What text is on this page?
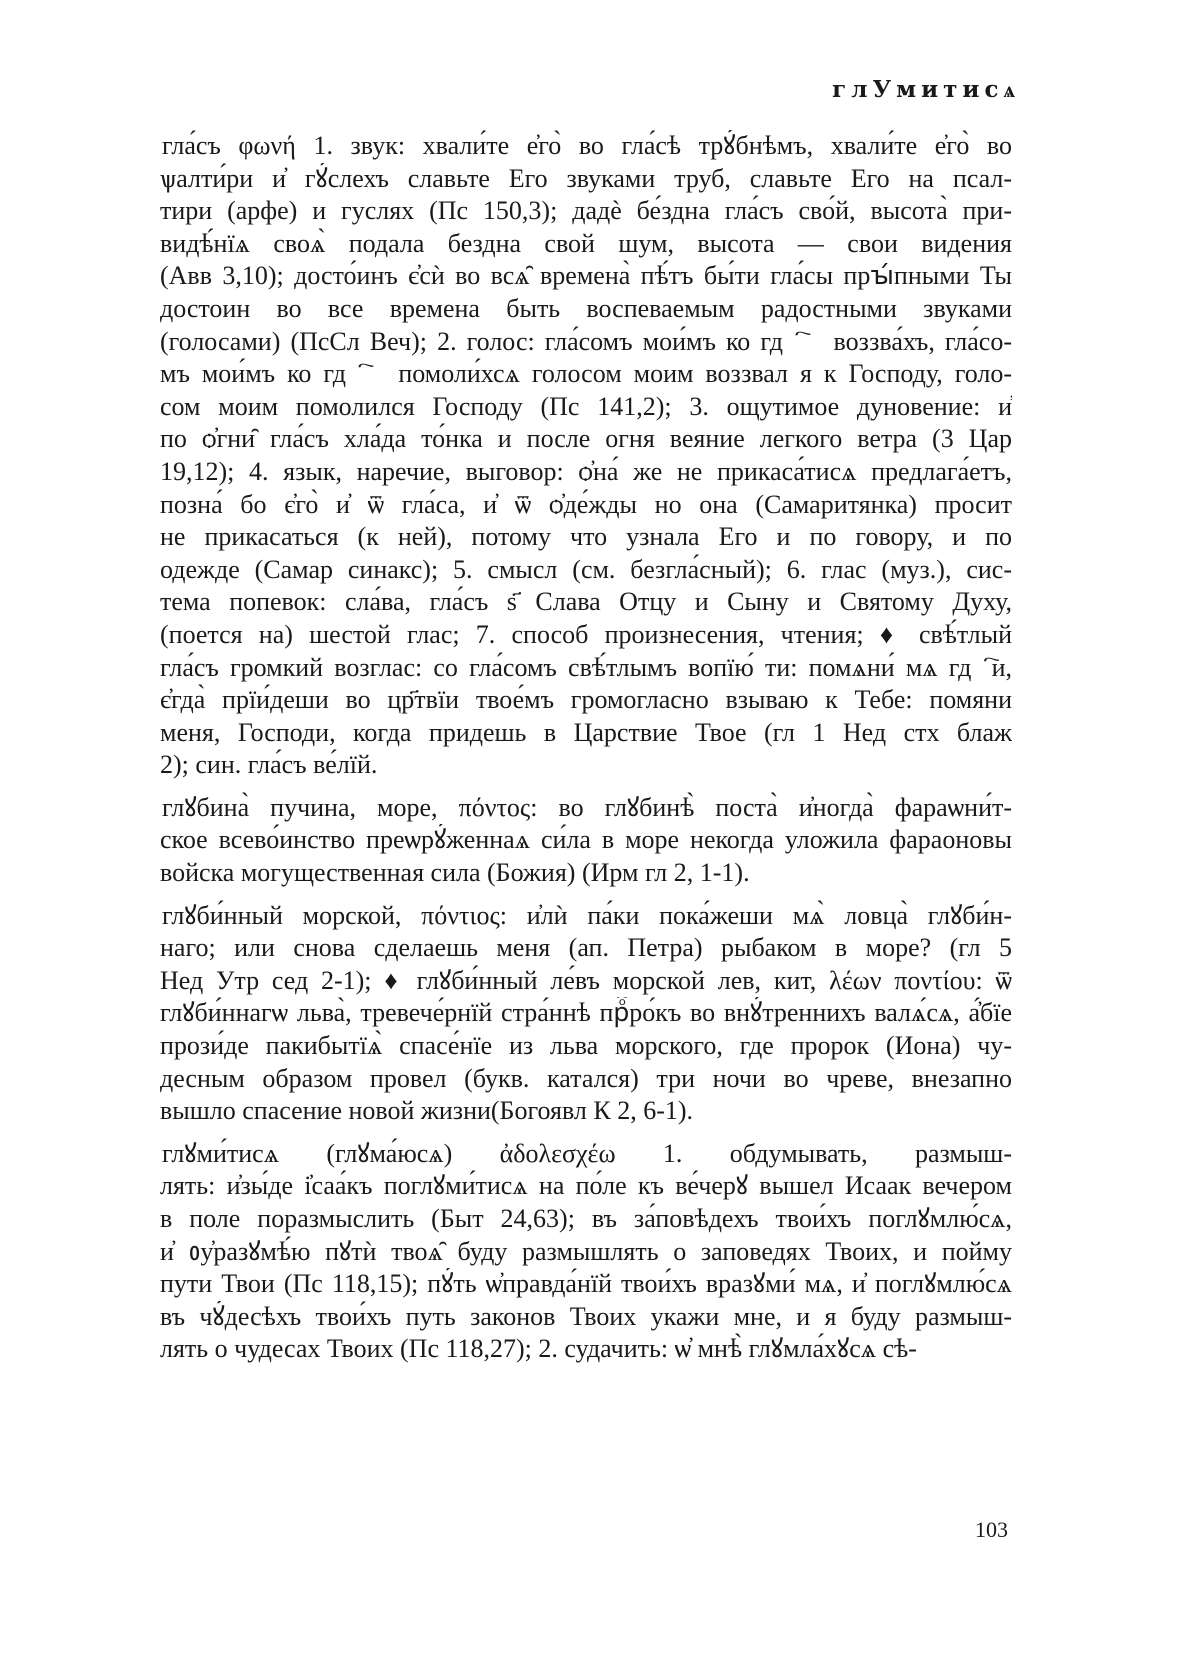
глУмитисѧ

гла́съ φωνή 1. звук: хвали́те е҆го̀ во гла́сѣ трꙋ́бнѣмъ, хвали́те е҆го̀ во
ѱалти́ри и҆ гꙋ́слехъ славьте Его звуками труб, славьте Его на псал-
тири (арфе) и гуслях (Пс 150,3); дадѐ бе́здна гла́съ сво́й, высота̀ при-
видѣ́нїѧ своѧ̀ подала бездна свой шум, высота — свои видения
(Авв 3,10); досто́инъ є҆сѝ во всѧ̑ времена̀ пѣ́тъ бы́ти гла́сы прꙑ́пными Ты
достоин во все времена быть воспеваемым радостными звуками
(голосами) (ПсСл Веч); 2. голос: гла́сомъ мои́мъ ко гдⷭ҇ꙋ воззва́хъ, гла́со-
мъ мои́мъ ко гдⷭ҇ꙋ помоли́хсѧ голосом моим воззвал я к Господу, голо-
сом моим помолился Господу (Пс 141,2); 3. ощутимое дуновение: и҆
по ѻ҆гни̑ гла́съ хла́да то́нка и после огня веяние легкого ветра (3 Цар
19,12); 4. язык, наречие, выговор: ѻ҆на́ же не прикаса́тисѧ предлага́етъ,
позна́ бо є҆го̀ и҆ ѿ гла́са, и҆ ѿ ѻ҆де́жды но она (Самаритянка) просит
не прикасаться (к ней), потому что узнала Его и по говору, и по
одежде (Самар синакс); 5. смысл (см. безгла́сный); 6. глас (муз.), сис-
тема попевок: сла́ва, гла́съ ѕ҃ Слава Отцу и Сыну и Святому Духу,
(поется на) шестой глас; 7. способ произнесения, чтения; ♦ свѣ́тлый
гла́съ громкий возглас: со гла́сомъ свѣ́тлымъ вопїю́ ти: помѧни́ мѧ гдⷭ҇и,
є҆гда̀ прїи́деши во цр҃твїи твое́мъ громогласно взываю к Тебе: помяни
меня, Господи, когда придешь в Царствие Твое (гл 1 Нед стх блаж
2); син. гла́съ ве́лїй.
глꙋбина̀ пучина, море, πόντος: во глꙋбинѣ̀ поста̀ и҆ногда̀ фараѡни́т-
ское всево́инство преѡрꙋ́женнаѧ си́ла в море некогда уложила фараоновы
войска могущественная сила (Божия) (Ирм гл 2, 1-1).
глꙋби́нный морской, πόντιος: и҆лѝ па́ки пока́жеши мѧ̀ ловца̀ глꙋби́н-
наго; или снова сделаешь меня (ап. Петра) рыбаком в море? (гл 5
Нед Утр сед 2-1); ♦ глꙋби́нный ле́въ морской лев, кит, λέων ποντίου: ѿ
глꙋби́ннагѡ льва̀, тревече́рнїй стра́ннѣ прⷪ҇ро́къ во внꙋ́треннихъ валѧ́сѧ, а҆́бїе
прози́де пакибытїѧ̀ спасе́нїе из льва морского, где пророк (Иона) чу-
десным образом провел (букв. катался) три ночи во чреве, внезапно
вышло спасение новой жизни(Богоявл К 2, 6-1).
глꙋми́тисѧ (глꙋма́юсѧ) ἀδολεσχέω 1. обдумывать, размыш-
лять: и҆зы́де і҆саа́къ поглꙋми́тисѧ на по́ле къ ве́черꙋ вышел Исаак вечером
в поле поразмыслить (Быт 24,63); въ за́повѣдехъ твои́хъ поглꙋмлю́сѧ,
и҆ ᲂу҆разꙋмѣ́ю пꙋтѝ твоѧ̑ буду размышлять о заповедях Твоих, и пойму
пути Твои (Пс 118,15); пꙋ́ть ѡ҆правда́нїй твои́хъ вразꙋми́ мѧ, и҆ поглꙋмлю́сѧ
въ чꙋ́десѣхъ твои́хъ путь законов Твоих укажи мне, и я буду размыш-
лять о чудесах Твоих (Пс 118,27); 2. судачить: ѡ҆ мнѣ̀ глꙋмла́хꙋсѧ сѣ-

103
